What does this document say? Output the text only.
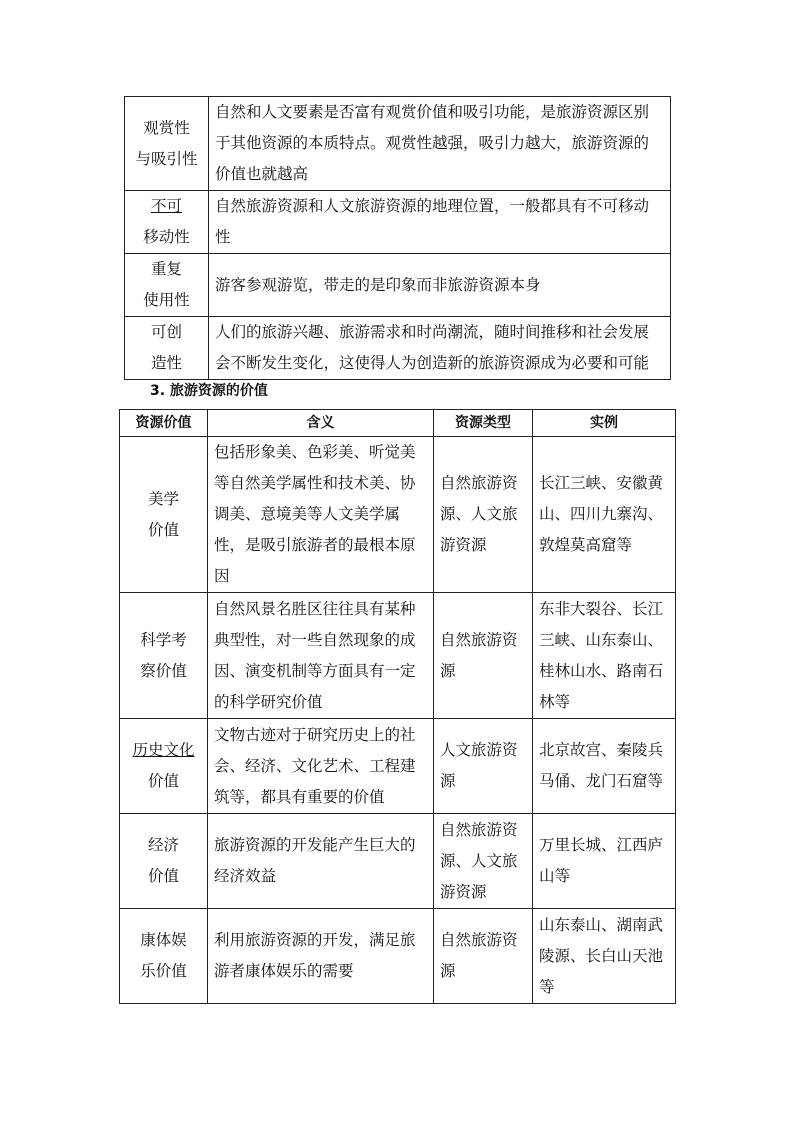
观赏性
与吸引性	自然和人文要素是否富有观赏价值和吸引功能，是旅游资源区别于其他资源的本质特点。观赏性越强，吸引力越大，旅游资源的价值也就越高
不可
移动性	自然旅游资源和人文旅游资源的地理位置，一般都具有不可移动性
重复
使用性	游客参观游览，带走的是印象而非旅游资源本身
可创
造性	人们的旅游兴趣、旅游需求和时尚潮流，随时间推移和社会发展会不断发生变化，这使得人为创造新的旅游资源成为必要和可能
3. 旅游资源的价值
资源价值	含义	资源类型	实例
美学
价值	包括形象美、色彩美、听觉美等自然美学属性和技术美、协调美、意境美等人文美学属性，是吸引旅游者的最根本原因	自然旅游资源、人文旅游资源	长江三峡、安徽黄山、四川九寨沟、敦煌莫高窟等
科学考
察价值	自然风景名胜区往往具有某种典型性，对一些自然现象的成因、演变机制等方面具有一定的科学研究价值	自然旅游资源	东非大裂谷、长江三峡、山东泰山、桂林山水、路南石林等
历史文化
价值	文物古迹对于研究历史上的社会、经济、文化艺术、工程建筑等，都具有重要的价值	人文旅游资源	北京故宫、秦陵兵马俑、龙门石窟等
经济
价值	旅游资源的开发能产生巨大的经济效益	自然旅游资源、人文旅游资源	万里长城、江西庐山等
康体娱
乐价值	利用旅游资源的开发，满足旅游者康体娱乐的需要	自然旅游资源	山东泰山、湖南武陵源、长白山天池等
